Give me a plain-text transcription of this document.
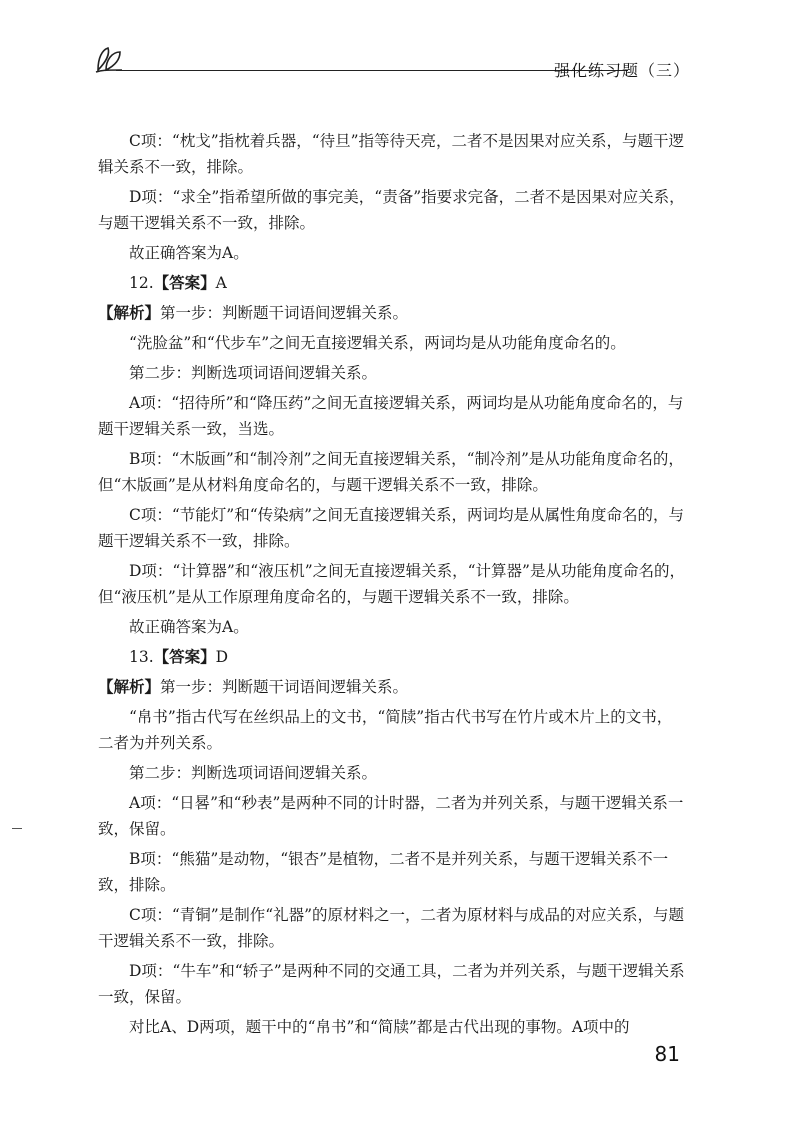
强化练习题（三）

C项：“枕戈”指枕着兵器，“待旦”指等待天亮，二者不是因果对应关系，与题干逻辑关系不一致，排除。

D项：“求全”指希望所做的事完美，“责备”指要求完备，二者不是因果对应关系，与题干逻辑关系不一致，排除。

故正确答案为A。

12.【答案】A

【解析】第一步：判断题干词语间逻辑关系。

“洗脸盆”和“代步车”之间无直接逻辑关系，两词均是从功能角度命名的。

第二步：判断选项词语间逻辑关系。

A项：“招待所”和“降压药”之间无直接逻辑关系，两词均是从功能角度命名的，与题干逻辑关系一致，当选。

B项：“木版画”和“制冷剂”之间无直接逻辑关系，“制冷剂”是从功能角度命名的，但“木版画”是从材料角度命名的，与题干逻辑关系不一致，排除。

C项：“节能灯”和“传染病”之间无直接逻辑关系，两词均是从属性角度命名的，与题干逻辑关系不一致，排除。

D项：“计算器”和“液压机”之间无直接逻辑关系，“计算器”是从功能角度命名的，但“液压机”是从工作原理角度命名的，与题干逻辑关系不一致，排除。

故正确答案为A。

13.【答案】D

【解析】第一步：判断题干词语间逻辑关系。

“帛书”指古代写在丝织品上的文书，“简牍”指古代书写在竹片或木片上的文书，二者为并列关系。

第二步：判断选项词语间逻辑关系。

A项：“日晷”和“秒表”是两种不同的计时器，二者为并列关系，与题干逻辑关系一致，保留。

B项：“熊猫”是动物，“银杏”是植物，二者不是并列关系，与题干逻辑关系不一致，排除。

C项：“青铜”是制作“礼器”的原材料之一，二者为原材料与成品的对应关系，与题干逻辑关系不一致，排除。

D项：“牛车”和“轿子”是两种不同的交通工具，二者为并列关系，与题干逻辑关系一致，保留。

对比A、D两项，题干中的“帛书”和“简牍”都是古代出现的事物。A项中的

81
